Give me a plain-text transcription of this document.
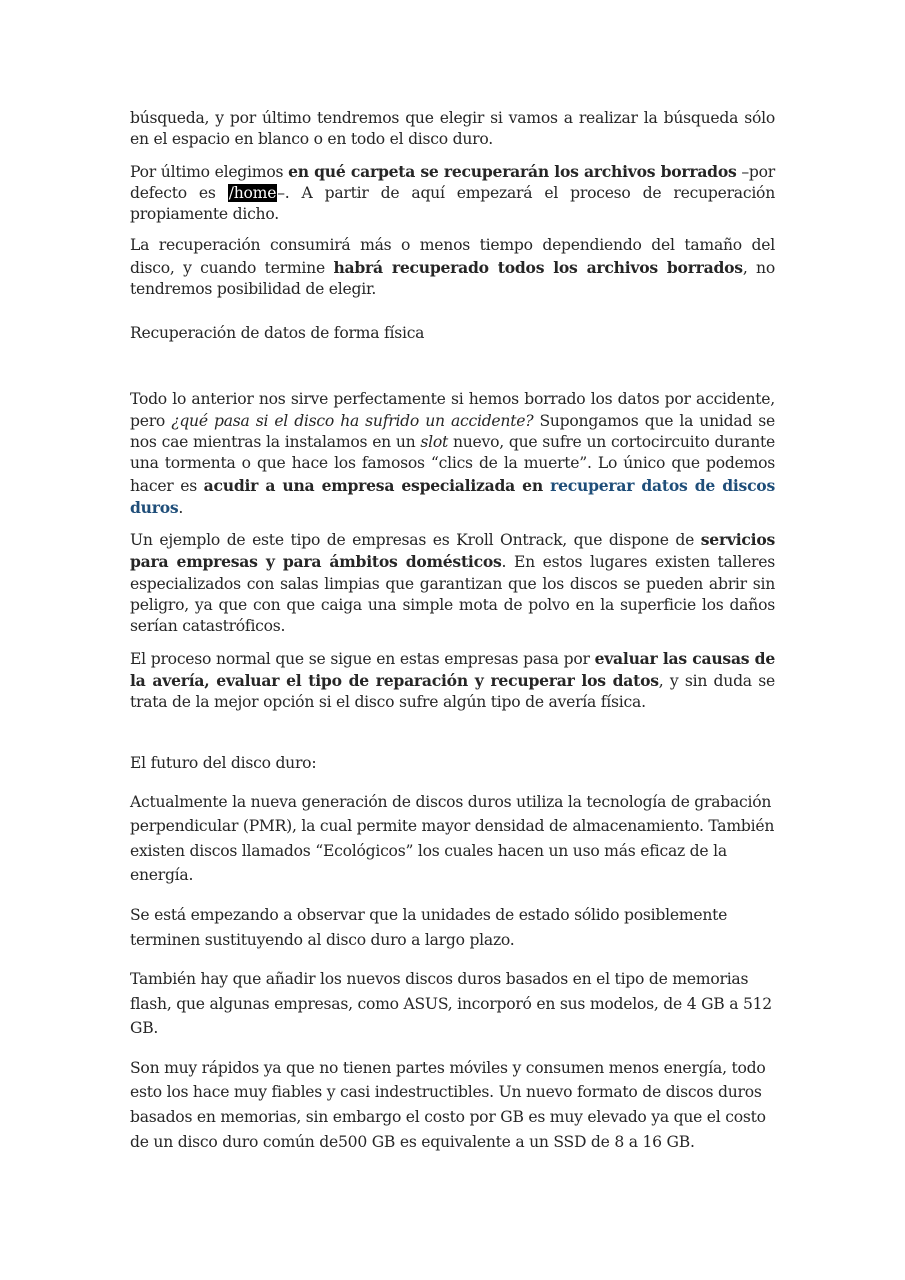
búsqueda, y por último tendremos que elegir si vamos a realizar la búsqueda sólo en el espacio en blanco o en todo el disco duro.

Por último elegimos en qué carpeta se recuperarán los archivos borrados –por defecto es /home–. A partir de aquí empezará el proceso de recuperación propiamente dicho.

La recuperación consumirá más o menos tiempo dependiendo del tamaño del disco, y cuando termine habrá recuperado todos los archivos borrados, no tendremos posibilidad de elegir.

Recuperación de datos de forma física

Todo lo anterior nos sirve perfectamente si hemos borrado los datos por accidente, pero ¿qué pasa si el disco ha sufrido un accidente? Supongamos que la unidad se nos cae mientras la instalamos en un slot nuevo, que sufre un cortocircuito durante una tormenta o que hace los famosos “clics de la muerte”. Lo único que podemos hacer es acudir a una empresa especializada en recuperar datos de discos duros.

Un ejemplo de este tipo de empresas es Kroll Ontrack, que dispone de servicios para empresas y para ámbitos domésticos. En estos lugares existen talleres especializados con salas limpias que garantizan que los discos se pueden abrir sin peligro, ya que con que caiga una simple mota de polvo en la superficie los daños serían catastróficos.

El proceso normal que se sigue en estas empresas pasa por evaluar las causas de la avería, evaluar el tipo de reparación y recuperar los datos, y sin duda se trata de la mejor opción si el disco sufre algún tipo de avería física.

El futuro del disco duro:

Actualmente la nueva generación de discos duros utiliza la tecnología de grabación perpendicular (PMR), la cual permite mayor densidad de almacenamiento. También existen discos llamados “Ecológicos” los cuales hacen un uso más eficaz de la energía.

Se está empezando a observar que la unidades de estado sólido posiblemente terminen sustituyendo al disco duro a largo plazo.

También hay que añadir los nuevos discos duros basados en el tipo de memorias flash, que algunas empresas, como ASUS, incorporó en sus modelos, de 4 GB a 512 GB.

Son muy rápidos ya que no tienen partes móviles y consumen menos energía, todo esto los hace muy fiables y casi indestructibles. Un nuevo formato de discos duros basados en memorias, sin embargo el costo por GB es muy elevado ya que el costo de un disco duro común de500 GB es equivalente a un SSD de 8 a 16 GB.
